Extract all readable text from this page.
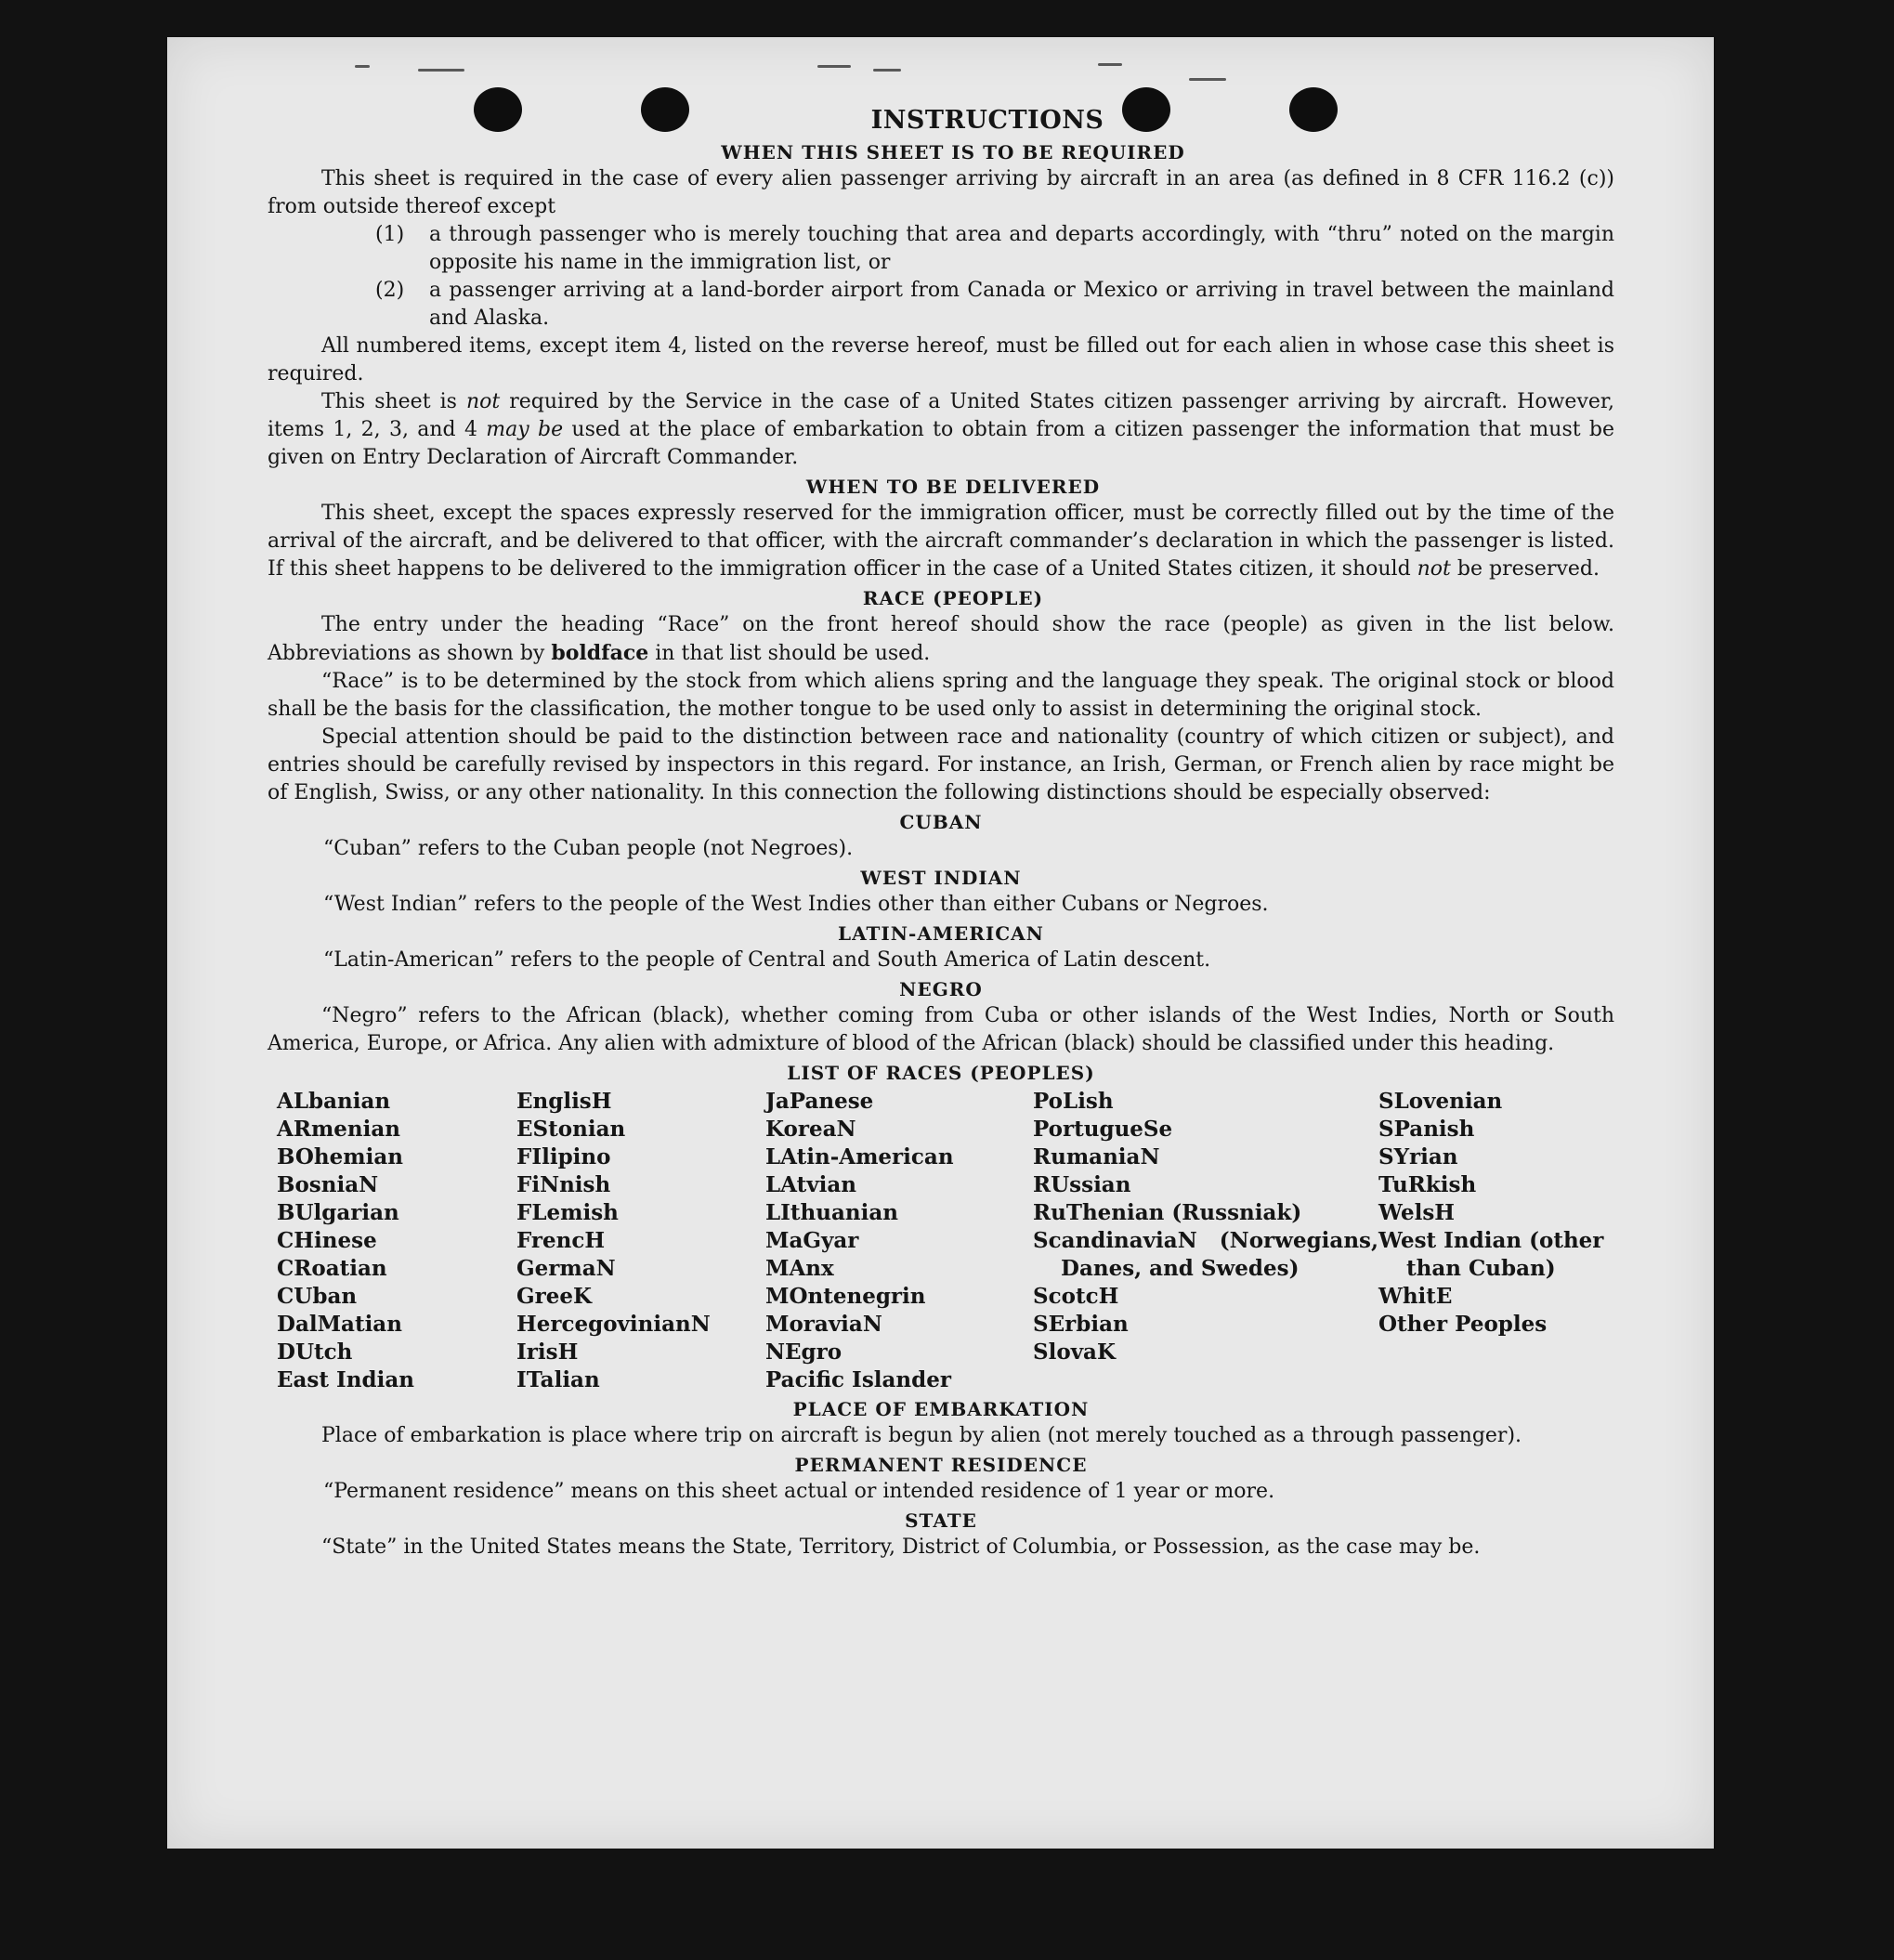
INSTRUCTIONS
WHEN THIS SHEET IS TO BE REQUIRED

This sheet is required in the case of every alien passenger arriving by aircraft in an area (as defined in 8 CFR 116.2 (c)) from outside thereof except

(1)	a through passenger who is merely touching that area and departs accordingly, with “thru” noted on the margin opposite his name in the immigration list, or
(2)	a passenger arriving at a land-border airport from Canada or Mexico or arriving in travel between the mainland and Alaska.

All numbered items, except item 4, listed on the reverse hereof, must be filled out for each alien in whose case this sheet is required.

This sheet is not required by the Service in the case of a United States citizen passenger arriving by aircraft. However, items 1, 2, 3, and 4 may be used at the place of embarkation to obtain from a citizen passenger the information that must be given on Entry Declaration of Aircraft Commander.

WHEN TO BE DELIVERED

This sheet, except the spaces expressly reserved for the immigration officer, must be correctly filled out by the time of the arrival of the aircraft, and be delivered to that officer, with the aircraft commander’s declaration in which the passenger is listed. If this sheet happens to be delivered to the immigration officer in the case of a United States citizen, it should not be preserved.

RACE (PEOPLE)

The entry under the heading “Race” on the front hereof should show the race (people) as given in the list below. Abbreviations as shown by boldface in that list should be used.

“Race” is to be determined by the stock from which aliens spring and the language they speak. The original stock or blood shall be the basis for the classification, the mother tongue to be used only to assist in determining the original stock.

Special attention should be paid to the distinction between race and nationality (country of which citizen or subject), and entries should be carefully revised by inspectors in this regard. For instance, an Irish, German, or French alien by race might be of English, Swiss, or any other nationality. In this connection the following distinctions should be especially observed:

CUBAN

“Cuban” refers to the Cuban people (not Negroes).

WEST INDIAN

“West Indian” refers to the people of the West Indies other than either Cubans or Negroes.

LATIN-AMERICAN

“Latin-American” refers to the people of Central and South America of Latin descent.

NEGRO

“Negro” refers to the African (black), whether coming from Cuba or other islands of the West Indies, North or South America, Europe, or Africa. Any alien with admixture of blood of the African (black) should be classified under this heading.

LIST OF RACES (PEOPLES)
ALbanian
ARmenian
BOhemian
BosniaN
BUlgarian
CHinese
CRoatian
CUban
DalMatian
DUtch
East Indian
EnglisH
EStonian
FIlipino
FiNnish
FLemish
FrencH
GermaN
GreeK
HercegovinianN
IrisH
ITalian
JaPanese
KoreaN
LAtin-American
LAtvian
LIthuanian
MaGyar
MAnx
MOntenegrin
MoraviaN
NEgro
Pacific Islander
PoLish
PortugueSe
RumaniaN
RUssian
RuThenian (Russniak)
ScandinaviaN (Norwegians, Danes, and Swedes)
ScotcH
SErbian
SlovaK
SLovenian
SPanish
SYrian
TuRkish
WelsH
West Indian (other than Cuban)
WhitE
Other Peoples
PLACE OF EMBARKATION

Place of embarkation is place where trip on aircraft is begun by alien (not merely touched as a through passenger).

PERMANENT RESIDENCE

“Permanent residence” means on this sheet actual or intended residence of 1 year or more.

STATE

“State” in the United States means the State, Territory, District of Columbia, or Possession, as the case may be.
